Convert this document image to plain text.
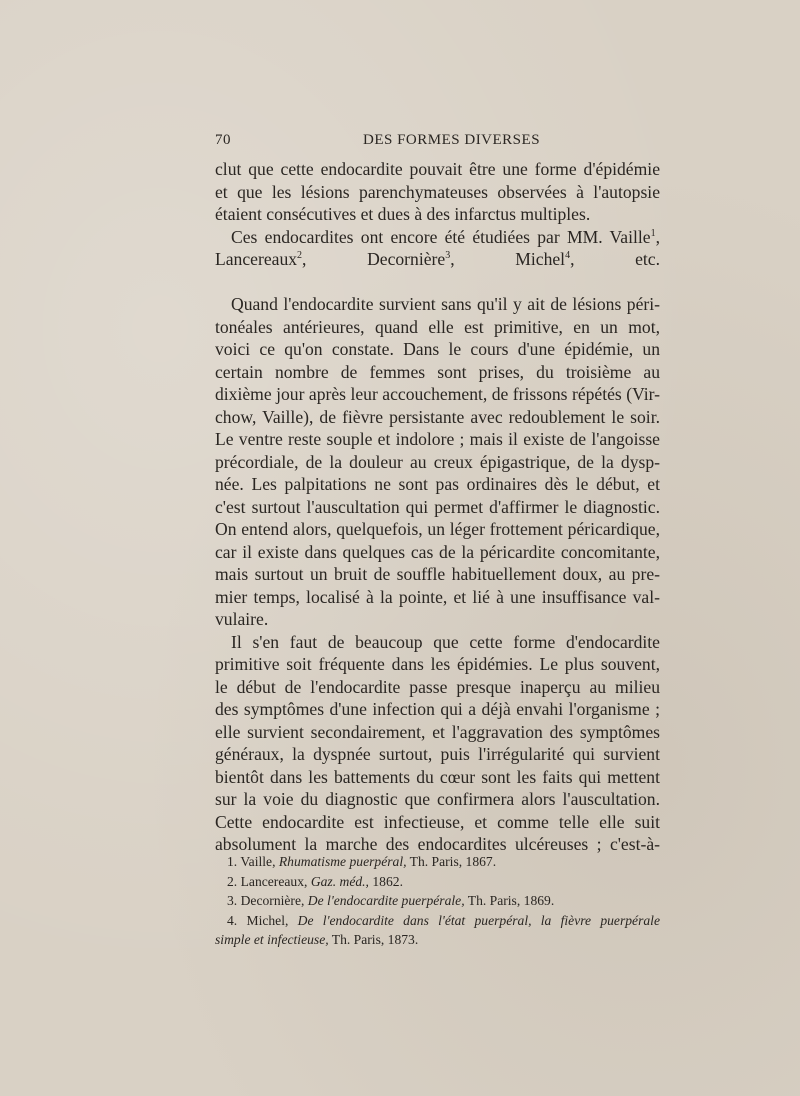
70	DES FORMES DIVERSES

clut que cette endocardite pouvait être une forme d'épidémie

et que les lésions parenchymateuses observées à l'autopsie

étaient consécutives et dues à des infarctus multiples.

Ces endocardites ont encore été étudiées par MM. Vaille$^1$,

Lancereaux$^2$, Decornière$^3$, Michel$^4$, etc.

Quand l'endocardite survient sans qu'il y ait de lésions péri-

tonéales antérieures, quand elle est primitive, en un mot,

voici ce qu'on constate. Dans le cours d'une épidémie, un

certain nombre de femmes sont prises, du troisième au

dixième jour après leur accouchement, de frissons répétés (Vir-

chow, Vaille), de fièvre persistante avec redoublement le soir.

Le ventre reste souple et indolore ; mais il existe de l'angoisse

précordiale, de la douleur au creux épigastrique, de la dysp-

née. Les palpitations ne sont pas ordinaires dès le début, et

c'est surtout l'auscultation qui permet d'affirmer le diagnostic.

On entend alors, quelquefois, un léger frottement péricardique,

car il existe dans quelques cas de la péricardite concomitante,

mais surtout un bruit de souffle habituellement doux, au pre-

mier temps, localisé à la pointe, et lié à une insuffisance val-

vulaire.

Il s'en faut de beaucoup que cette forme d'endocardite

primitive soit fréquente dans les épidémies. Le plus souvent,

le début de l'endocardite passe presque inaperçu au milieu

des symptômes d'une infection qui a déjà envahi l'organisme ;

elle survient secondairement, et l'aggravation des symptômes

généraux, la dyspnée surtout, puis l'irrégularité qui survient

bientôt dans les battements du cœur sont les faits qui mettent

sur la voie du diagnostic que confirmera alors l'auscultation.

Cette endocardite est infectieuse, et comme telle elle suit

absolument la marche des endocardites ulcéreuses ; c'est-à-

1. Vaille, Rhumatisme puerpéral, Th. Paris, 1867.

2. Lancereaux, Gaz. méd., 1862.

3. Decornière, De l'endocardite puerpérale, Th. Paris, 1869.

4. Michel, De l'endocardite dans l'état puerpéral, la fièvre puerpérale

simple et infectieuse, Th. Paris, 1873.
